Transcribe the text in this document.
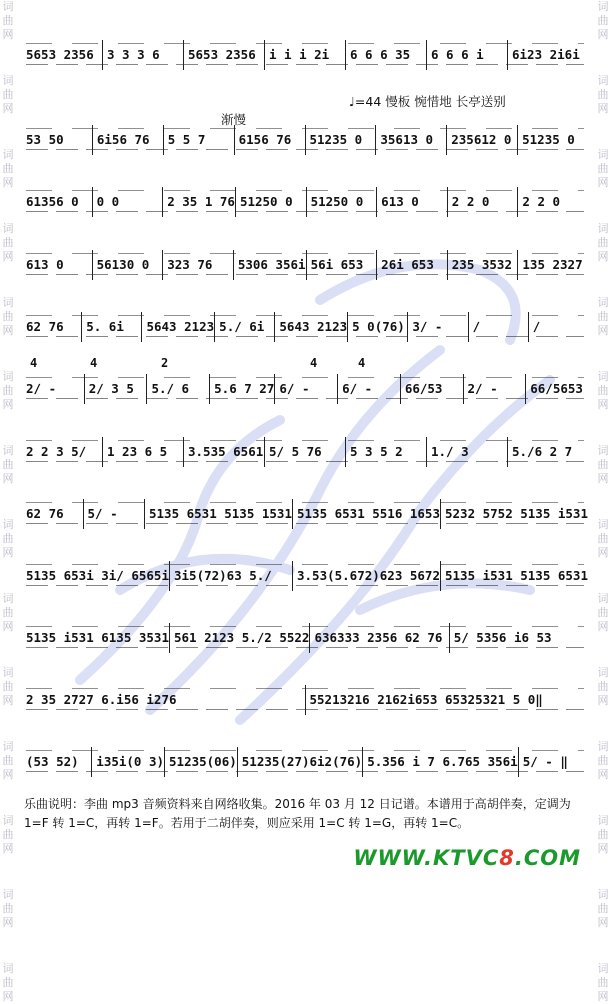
词曲网
词曲网
词曲网
词曲网
词曲网
词曲网
词曲网
词曲网
词曲网
词曲网
词曲网
词曲网
词曲网
词曲网
词曲网
词曲网
词曲网
词曲网
词曲网
词曲网
词曲网
词曲网
词曲网
词曲网
词曲网
词曲网
词曲网
词曲网
♩=44 慢板 惋惜地 长亭送别
渐慢
4	4	2	4	4
5653 2356	3 3 3 6	5653 2356	i i i 2i	6 6 6 35	6 6 6 i	6i23 2i6i
53 50	6i56 76	5 5 7	6156 76	51235 0	35613 0	235612 0 51235 0
61356 0	0 0	2 35 1 76 51250 0	51250 0	613 0	2 2 0	2 2 0
613 0	56130 0	323 76	5306 356i 56i 653	26i 653	235 3532 135 2327
62 76	5. 6i	5643 2123 5.∕ 6i	5643 2123 5 0(76) 3∕ -	∕	∕
2∕ -	2∕ 3 5	5.∕ 6	5.6 7 27 6∕ -	6∕ -	66∕53	2∕ -	66∕5653
2 2 3 5∕	1 23 6 5	3.535 6561 5∕ 5 76	5 3 5 2	1.∕ 3	5.∕6 2 7
62 76	5∕ -	5135 6531 5135 1531 5135 6531 5516 1653 5232 5752 5135 i531
5135 653i 3i∕ 6565i 3i5(72)63 5.∕	3.53(5.672)623 5672 5135 i531 5135 6531
5135 i531 6135 3531 561 2123 5.∕2 5522 636333 2356 62 76 5∕ 5356 i6 53
2 35 2727 6.i56 i276	55213216 2162i653 65325321 5 0‖
(53 52)	i35i(0 3) 51235(06) 51235(27)6i2(76) 5.356 i 7 6.765 356i 5∕ - ‖
乐曲说明：李曲 mp3 音频资料来自网络收集。2016 年 03 月 12 日记谱。本谱用于高胡伴奏，定调为 1=F 转 1=C，再转 1=F。若用于二胡伴奏，则应采用 1=C 转 1=G，再转 1=C。
WWW.KTVC8.COM
